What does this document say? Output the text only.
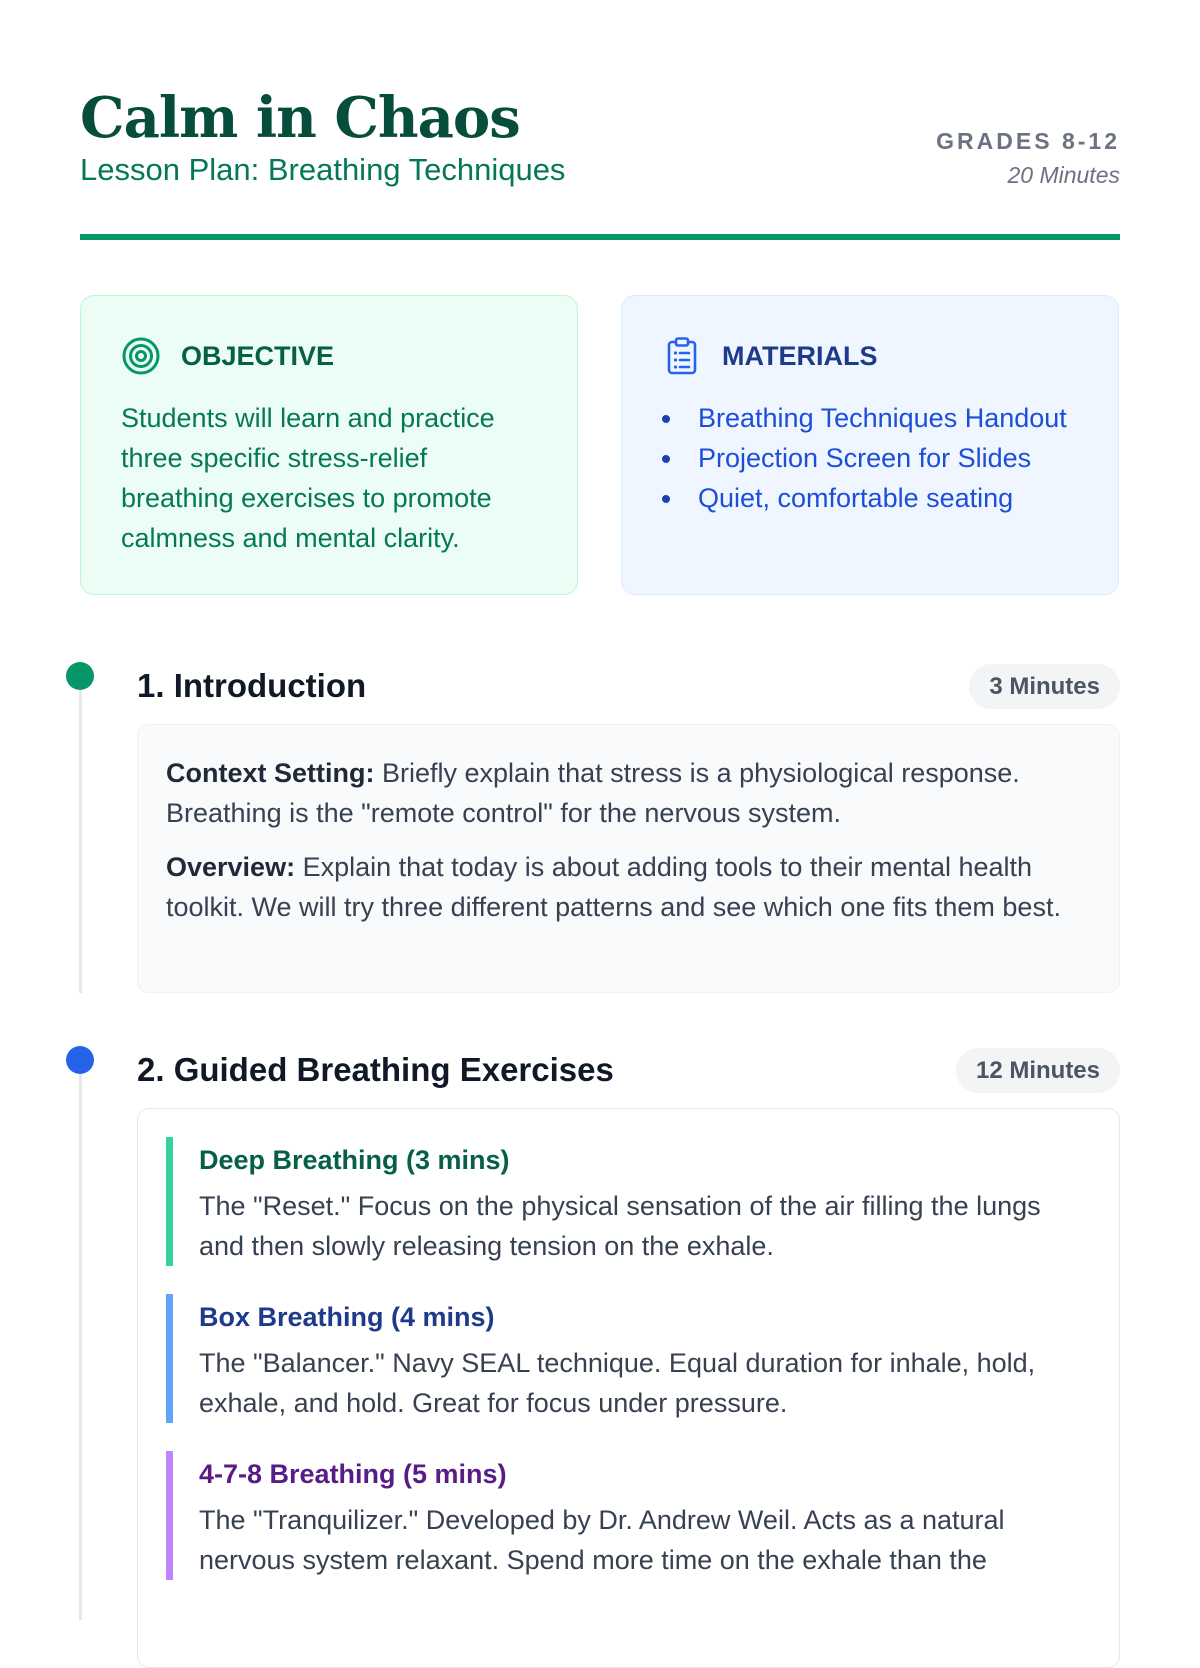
Calm in Chaos
Lesson Plan: Breathing Techniques
GRADES 8-12
20 Minutes
OBJECTIVE
Students will learn and practice three specific stress-relief breathing exercises to promote calmness and mental clarity.
MATERIALS
Breathing Techniques Handout
Projection Screen for Slides
Quiet, comfortable seating
1. Introduction	3 Minutes

Context Setting: Briefly explain that stress is a physiological response. Breathing is the "remote control" for the nervous system.

Overview: Explain that today is about adding tools to their mental health toolkit. We will try three different patterns and see which one fits them best.

2. Guided Breathing Exercises	12 Minutes
Deep Breathing (3 mins)
The "Reset." Focus on the physical sensation of the air filling the lungs and then slowly releasing tension on the exhale.
Box Breathing (4 mins)
The "Balancer." Navy SEAL technique. Equal duration for inhale, hold, exhale, and hold. Great for focus under pressure.
4-7-8 Breathing (5 mins)
The "Tranquilizer." Developed by Dr. Andrew Weil. Acts as a natural nervous system relaxant. Spend more time on the exhale than the
